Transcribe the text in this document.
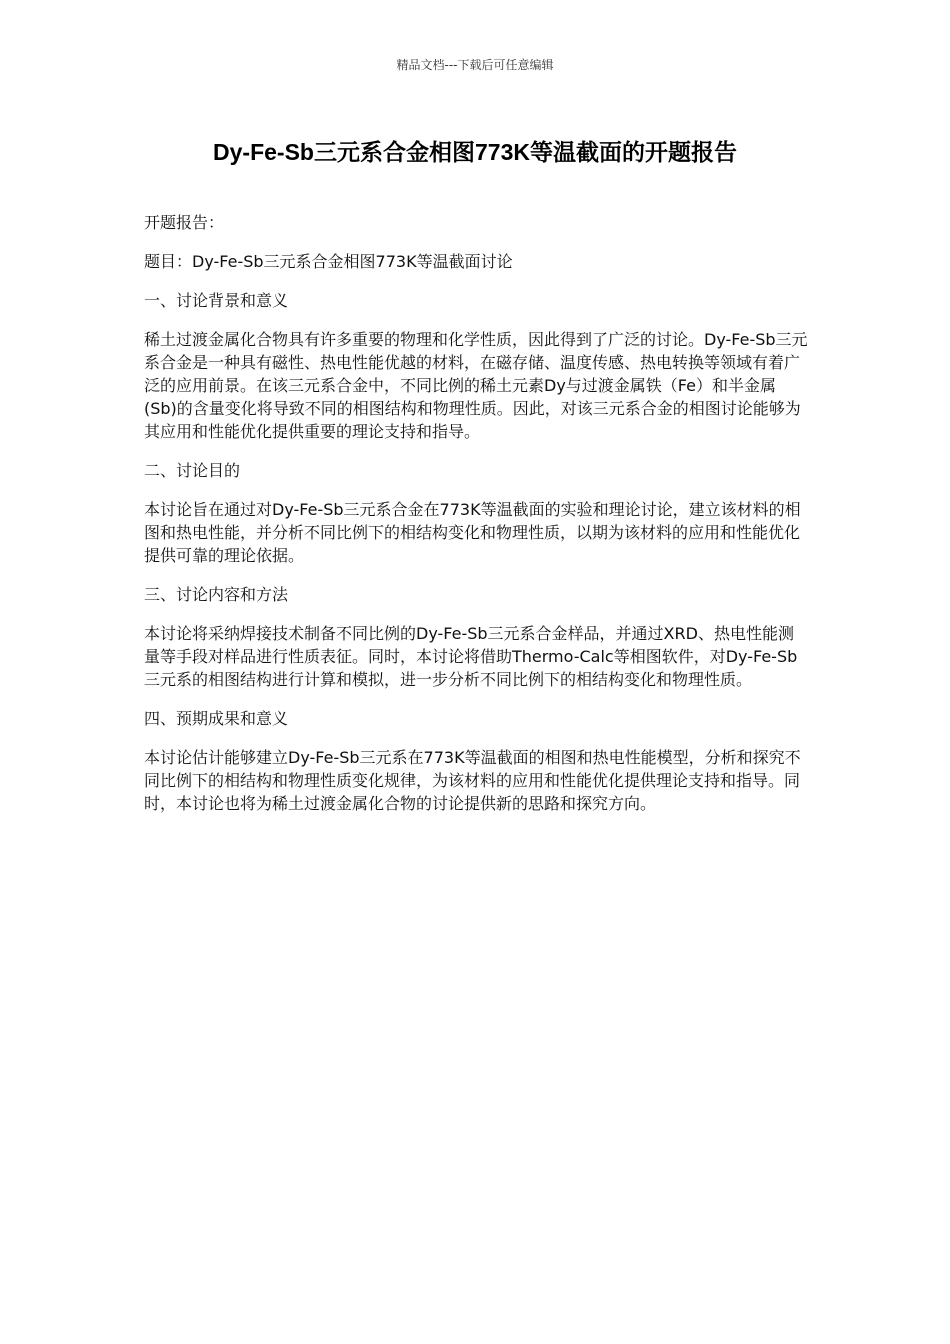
精品文档---下载后可任意编辑
Dy-Fe-Sb三元系合金相图773K等温截面的开题报告

开题报告：

题目：Dy-Fe-Sb三元系合金相图773K等温截面讨论

一、讨论背景和意义

稀土过渡金属化合物具有许多重要的物理和化学性质，因此得到了广泛的讨论。Dy-Fe-Sb三元系合金是一种具有磁性、热电性能优越的材料，在磁存储、温度传感、热电转换等领域有着广泛的应用前景。在该三元系合金中，不同比例的稀土元素Dy与过渡金属铁（Fe）和半金属(Sb)的含量变化将导致不同的相图结构和物理性质。因此，对该三元系合金的相图讨论能够为其应用和性能优化提供重要的理论支持和指导。

二、讨论目的

本讨论旨在通过对Dy-Fe-Sb三元系合金在773K等温截面的实验和理论讨论，建立该材料的相图和热电性能，并分析不同比例下的相结构变化和物理性质，以期为该材料的应用和性能优化提供可靠的理论依据。

三、讨论内容和方法

本讨论将采纳焊接技术制备不同比例的Dy-Fe-Sb三元系合金样品，并通过XRD、热电性能测量等手段对样品进行性质表征。同时，本讨论将借助Thermo-Calc等相图软件，对Dy-Fe-Sb三元系的相图结构进行计算和模拟，进一步分析不同比例下的相结构变化和物理性质。

四、预期成果和意义

本讨论估计能够建立Dy-Fe-Sb三元系在773K等温截面的相图和热电性能模型，分析和探究不同比例下的相结构和物理性质变化规律，为该材料的应用和性能优化提供理论支持和指导。同时，本讨论也将为稀土过渡金属化合物的讨论提供新的思路和探究方向。
